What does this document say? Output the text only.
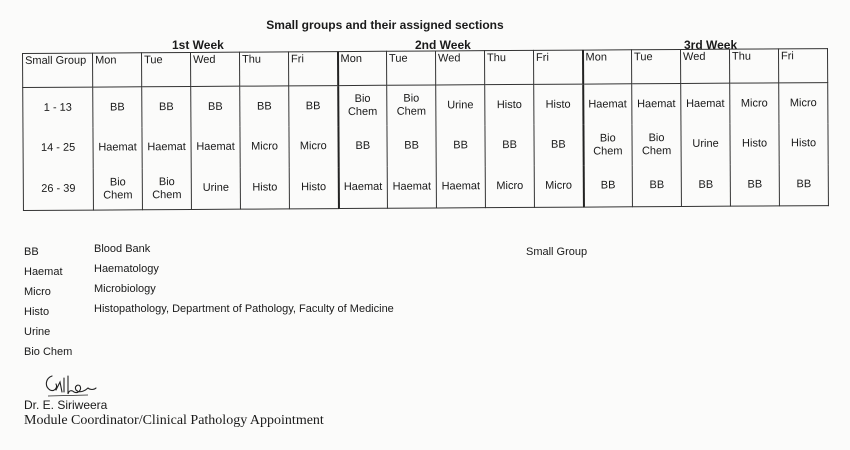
Small groups and their assigned sections
1st Week	2nd Week	3rd Week
Small Group	Mon	Tue	Wed	Thu	Fri	Mon	Tue	Wed	Thu	Fri	Mon	Tue	Wed	Thu	Fri
1 - 13	BB	BB	BB	BB	BB	Bio Chem	Bio Chem	Urine	Histo	Histo	Haemat	Haemat	Haemat	Micro	Micro
14 - 25	Haemat	Haemat	Haemat	Micro	Micro	BB	BB	BB	BB	BB	Bio Chem	Bio Chem	Urine	Histo	Histo
26 - 39	Bio Chem	Bio Chem	Urine	Histo	Histo	Haemat	Haemat	Haemat	Micro	Micro	BB	BB	BB	BB	BB
BB	Blood Bank
Haemat	Haematology
Micro	Microbiology
Histo	Histopathology, Department of Pathology, Faculty of Medicine
Urine
Bio Chem
Small Group
Dr. E. Siriweera
Module Coordinator/Clinical Pathology Appointment
